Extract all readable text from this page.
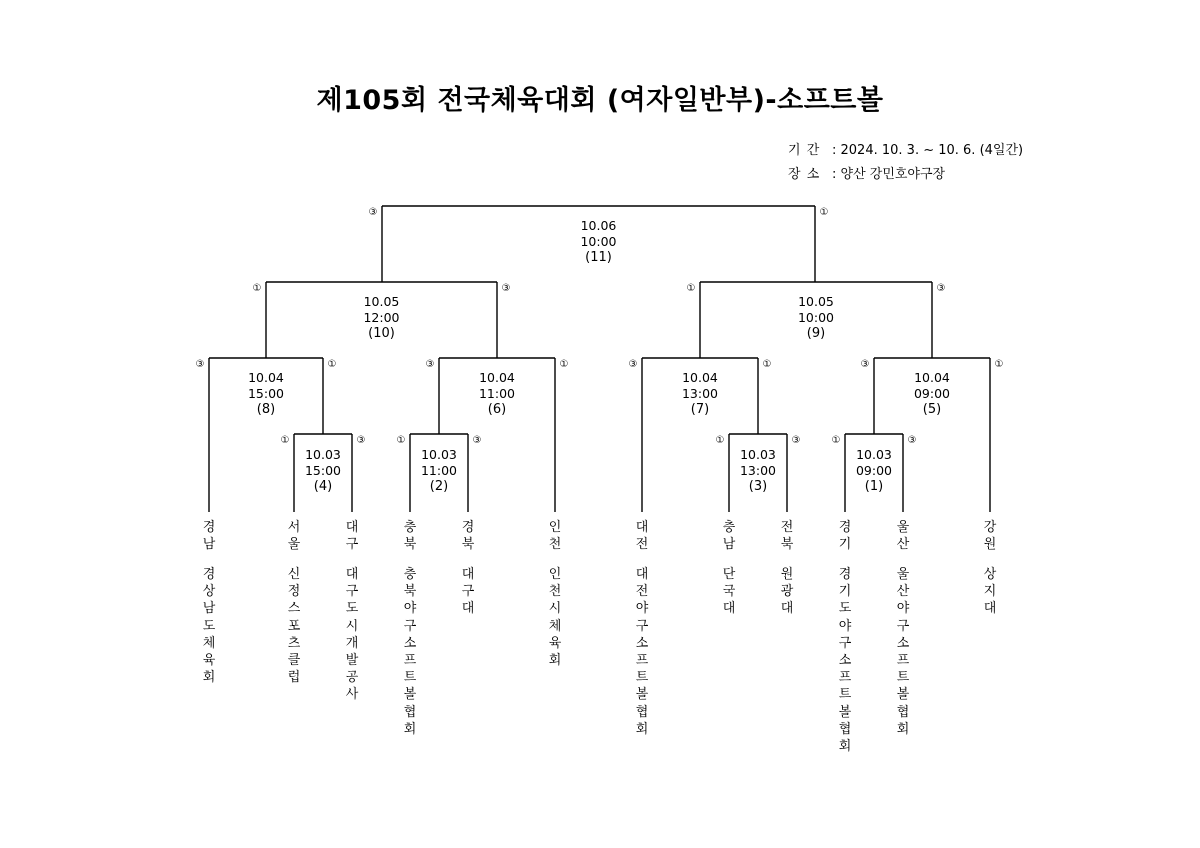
제105회 전국체육대회 (여자일반부)-소프트볼
기 간 : 2024. 10. 3. ~ 10. 6. (4일간)
장 소 : 양산 강민호야구장
10.03
09:00
(1)
①	③
10.03
11:00
(2)
①	③
10.03
13:00
(3)
①	③
10.03
15:00
(4)
①	③
10.04
09:00
(5)
③	①
10.04
11:00
(6)
③	①
10.04
13:00
(7)
③	①
10.04
15:00
(8)
③	①
10.05
10:00
(9)
①	③
10.05
12:00
(10)
①	③
10.06
10:00
(11)
③	①
경남
경상남도체육회
서울
신정스포츠클럽
대구
대구도시개발공사
충북
충북야구소프트볼협회
경북
대구대
인천
인천시체육회
대전
대전야구소프트볼협회
충남
단국대
전북
원광대
경기
경기도야구소프트볼협회
울산
울산야구소프트볼협회
강원
상지대
